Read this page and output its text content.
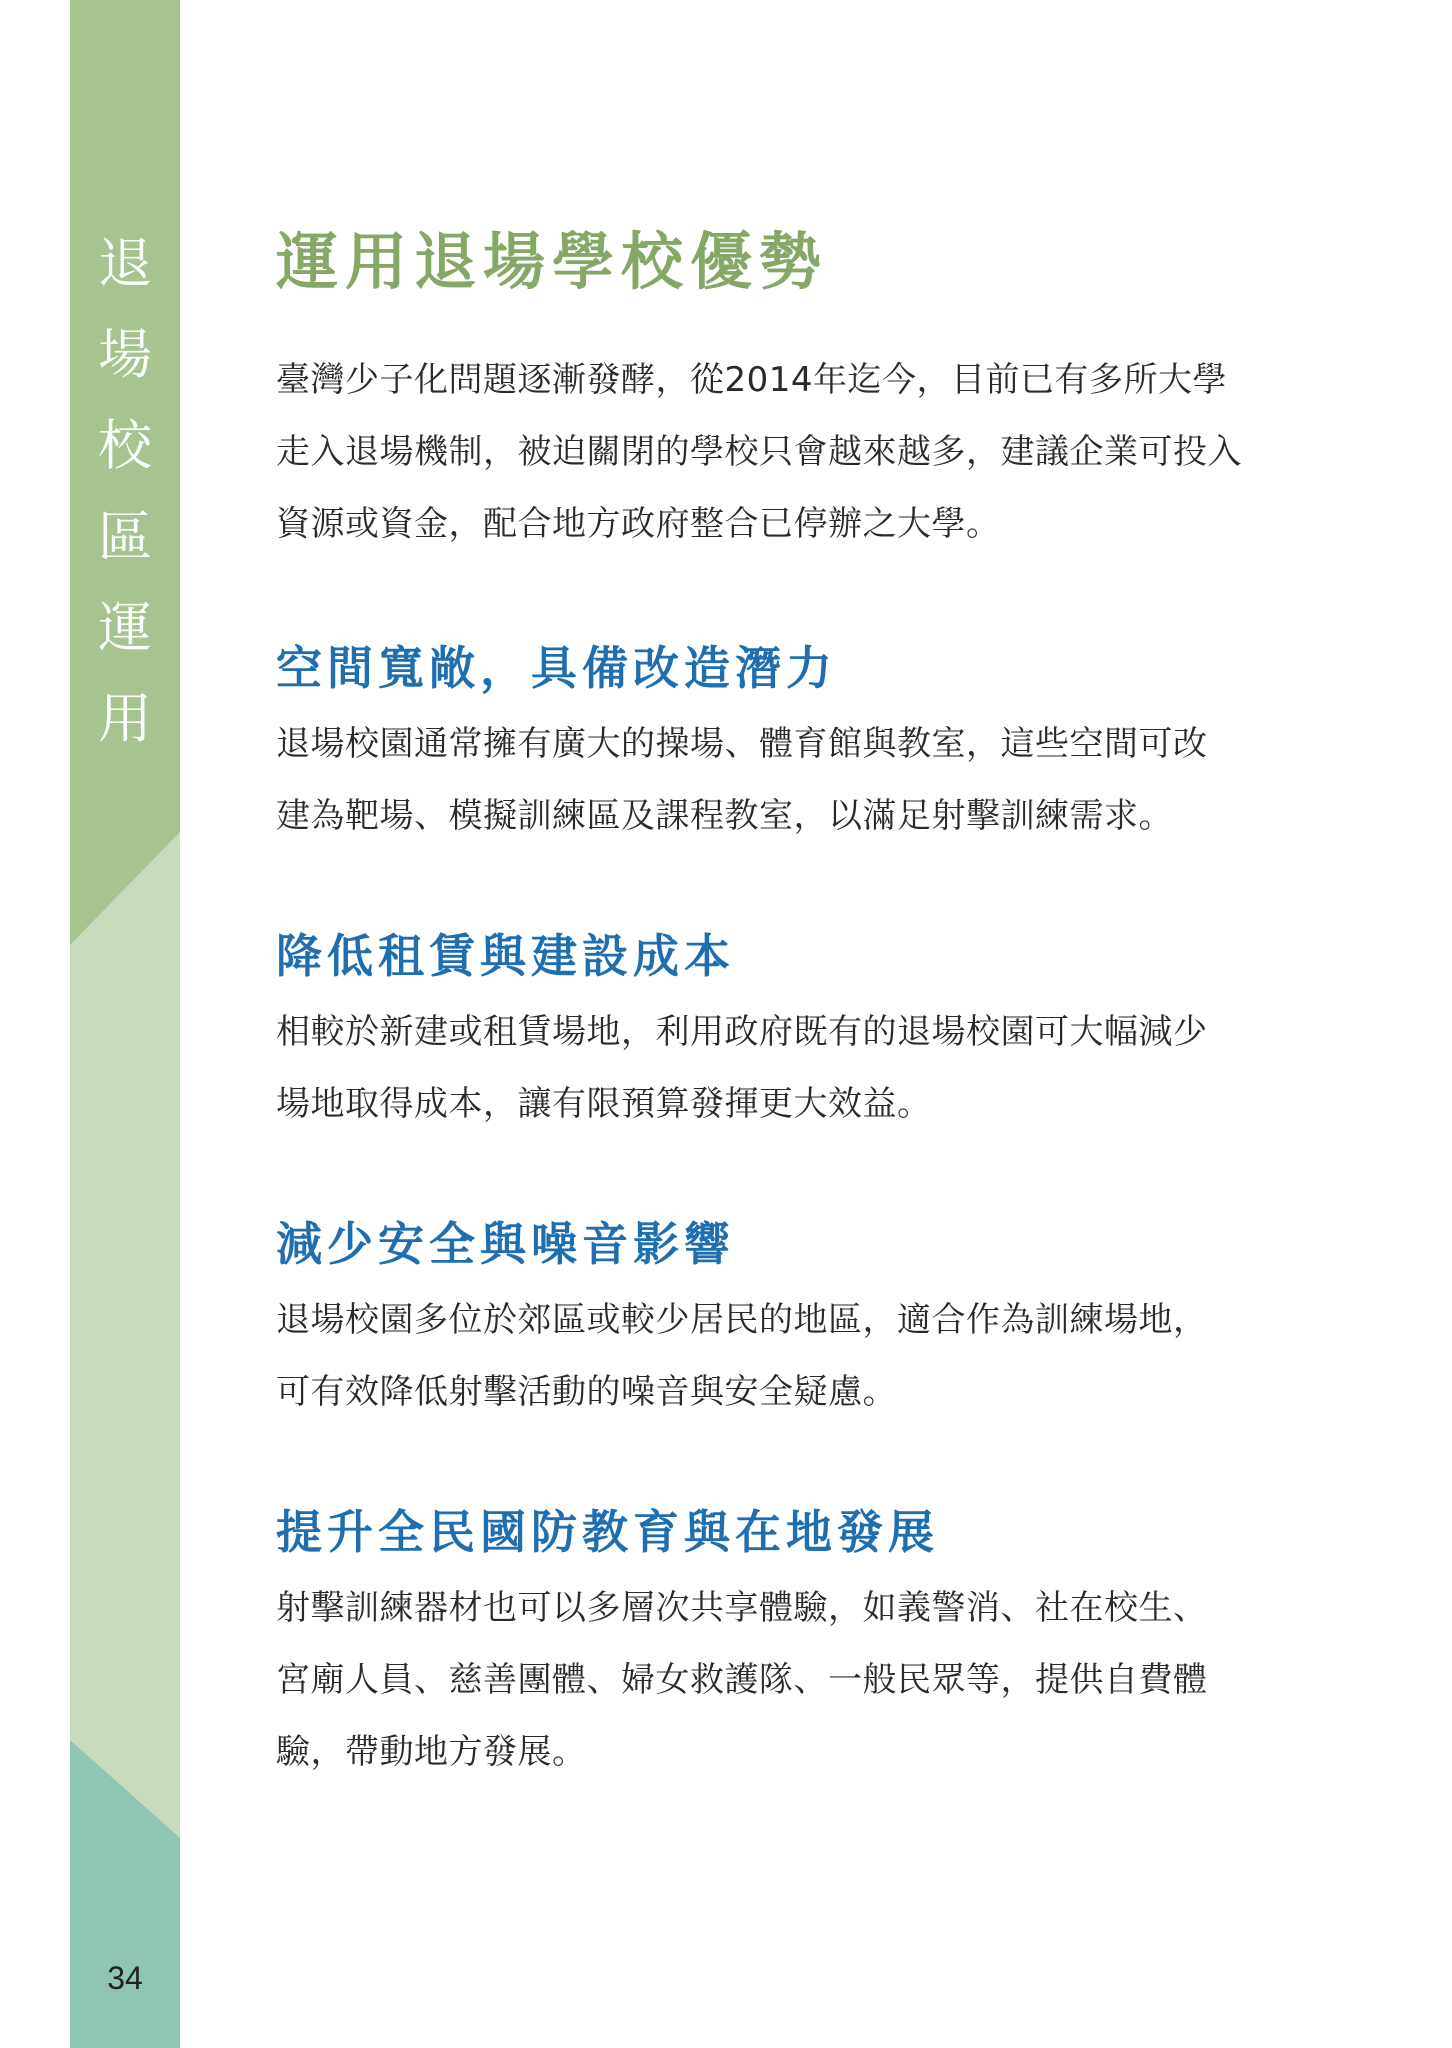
退
場
校
區
運
用
34
運用退場學校優勢

臺灣少子化問題逐漸發酵，從2014年迄今，目前已有多所大學
走入退場機制，被迫關閉的學校只會越來越多，建議企業可投入
資源或資金，配合地方政府整合已停辦之大學。

空間寬敞，具備改造潛力

退場校園通常擁有廣大的操場、體育館與教室，這些空間可改
建為靶場、模擬訓練區及課程教室，以滿足射擊訓練需求。

降低租賃與建設成本

相較於新建或租賃場地，利用政府既有的退場校園可大幅減少
場地取得成本，讓有限預算發揮更大效益。

減少安全與噪音影響

退場校園多位於郊區或較少居民的地區，適合作為訓練場地，
可有效降低射擊活動的噪音與安全疑慮。

提升全民國防教育與在地發展

射擊訓練器材也可以多層次共享體驗，如義警消、社在校生、
宮廟人員、慈善團體、婦女救護隊、一般民眾等，提供自費體
驗，帶動地方發展。
